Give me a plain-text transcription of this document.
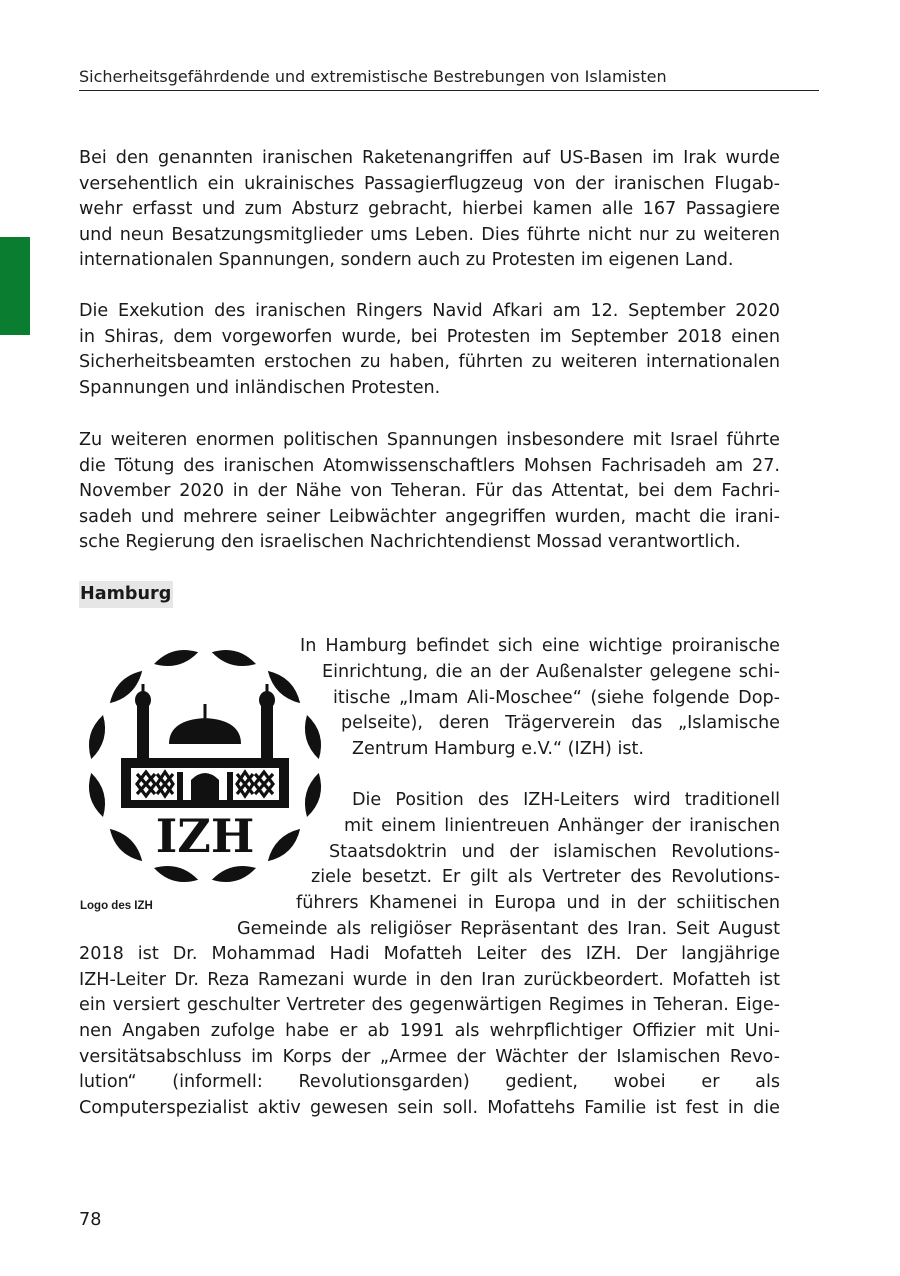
Sicherheitsgefährdende und extremistische Bestrebungen von Islamisten
Bei den genannten iranischen Raketenangriffen auf US-Basen im Irak wurde
versehentlich ein ukrainisches Passagierflugzeug von der iranischen Flugab-
wehr erfasst und zum Absturz gebracht, hierbei kamen alle 167 Passagiere
und neun Besatzungsmitglieder ums Leben. Dies führte nicht nur zu weiteren
internationalen Spannungen, sondern auch zu Protesten im eigenen Land.
Die Exekution des iranischen Ringers Navid Afkari am 12. September 2020
in Shiras, dem vorgeworfen wurde, bei Protesten im September 2018 einen
Sicherheitsbeamten erstochen zu haben, führten zu weiteren internationalen
Spannungen und inländischen Protesten.
Zu weiteren enormen politischen Spannungen insbesondere mit Israel führte
die Tötung des iranischen Atomwissenschaftlers Mohsen Fachrisadeh am 27.
November 2020 in der Nähe von Teheran. Für das Attentat, bei dem Fachri-
sadeh und mehrere seiner Leibwächter angegriffen wurden, macht die irani-
sche Regierung den israelischen Nachrichtendienst Mossad verantwortlich.
Hamburg
IZH
Logo des IZH
In Hamburg befindet sich eine wichtige proiranische
Einrichtung, die an der Außenalster gelegene schi-
itische „Imam Ali-Moschee“ (siehe folgende Dop-
pelseite), deren Trägerverein das „Islamische
Zentrum Hamburg e.V.“ (IZH) ist.
Die Position des IZH-Leiters wird traditionell
mit einem linientreuen Anhänger der iranischen
Staatsdoktrin und der islamischen Revolutions-
ziele besetzt. Er gilt als Vertreter des Revolutions-
führers Khamenei in Europa und in der schiitischen
Gemeinde als religiöser Repräsentant des Iran. Seit August
2018 ist Dr. Mohammad Hadi Mofatteh Leiter des IZH. Der langjährige
IZH-Leiter Dr. Reza Ramezani wurde in den Iran zurückbeordert. Mofatteh ist
ein versiert geschulter Vertreter des gegenwärtigen Regimes in Teheran. Eige-
nen Angaben zufolge habe er ab 1991 als wehrpflichtiger Offizier mit Uni-
versitätsabschluss im Korps der „Armee der Wächter der Islamischen Revo-
lution“ (informell: Revolutionsgarden) gedient, wobei er als
Computerspezialist aktiv gewesen sein soll. Mofattehs Familie ist fest in die
78
